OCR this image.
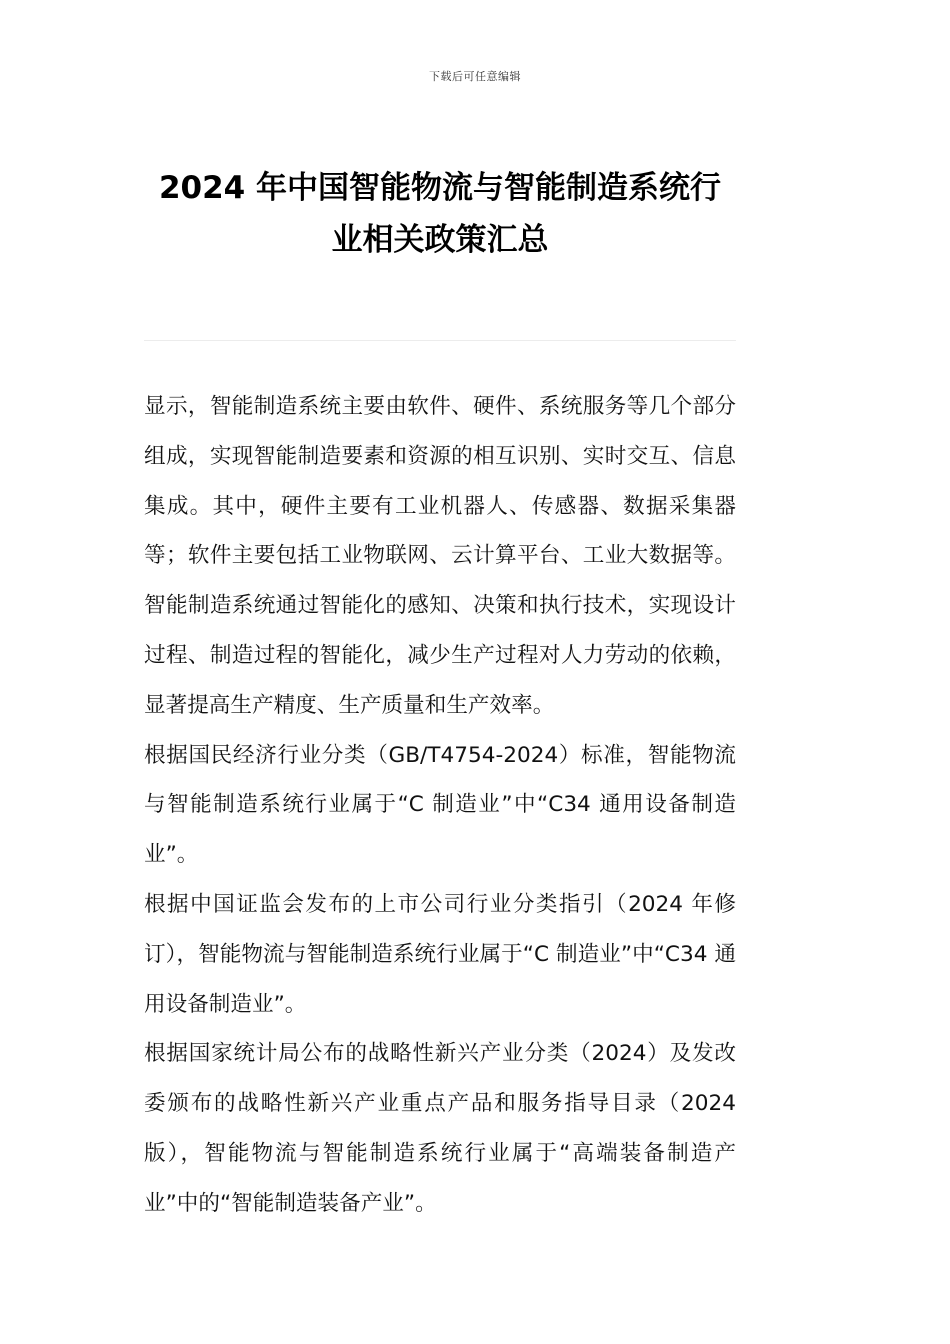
下载后可任意编辑
2024 年中国智能物流与智能制造系统行
业相关政策汇总

显示，智能制造系统主要由软件、硬件、系统服务等几个部分组成，实现智能制造要素和资源的相互识别、实时交互、信息集成。其中，硬件主要有工业机器人、传感器、数据采集器等；软件主要包括工业物联网、云计算平台、工业大数据等。智能制造系统通过智能化的感知、决策和执行技术，实现设计过程、制造过程的智能化，减少生产过程对人力劳动的依赖，显著提高生产精度、生产质量和生产效率。

根据国民经济行业分类（GB/T4754-2024）标准，智能物流与智能制造系统行业属于“C 制造业”中“C34 通用设备制造业”。

根据中国证监会发布的上市公司行业分类指引（2024 年修订），智能物流与智能制造系统行业属于“C 制造业”中“C34 通用设备制造业”。

根据国家统计局公布的战略性新兴产业分类（2024）及发改委颁布的战略性新兴产业重点产品和服务指导目录（2024 版），智能物流与智能制造系统行业属于“高端装备制造产业”中的“智能制造装备产业”。
